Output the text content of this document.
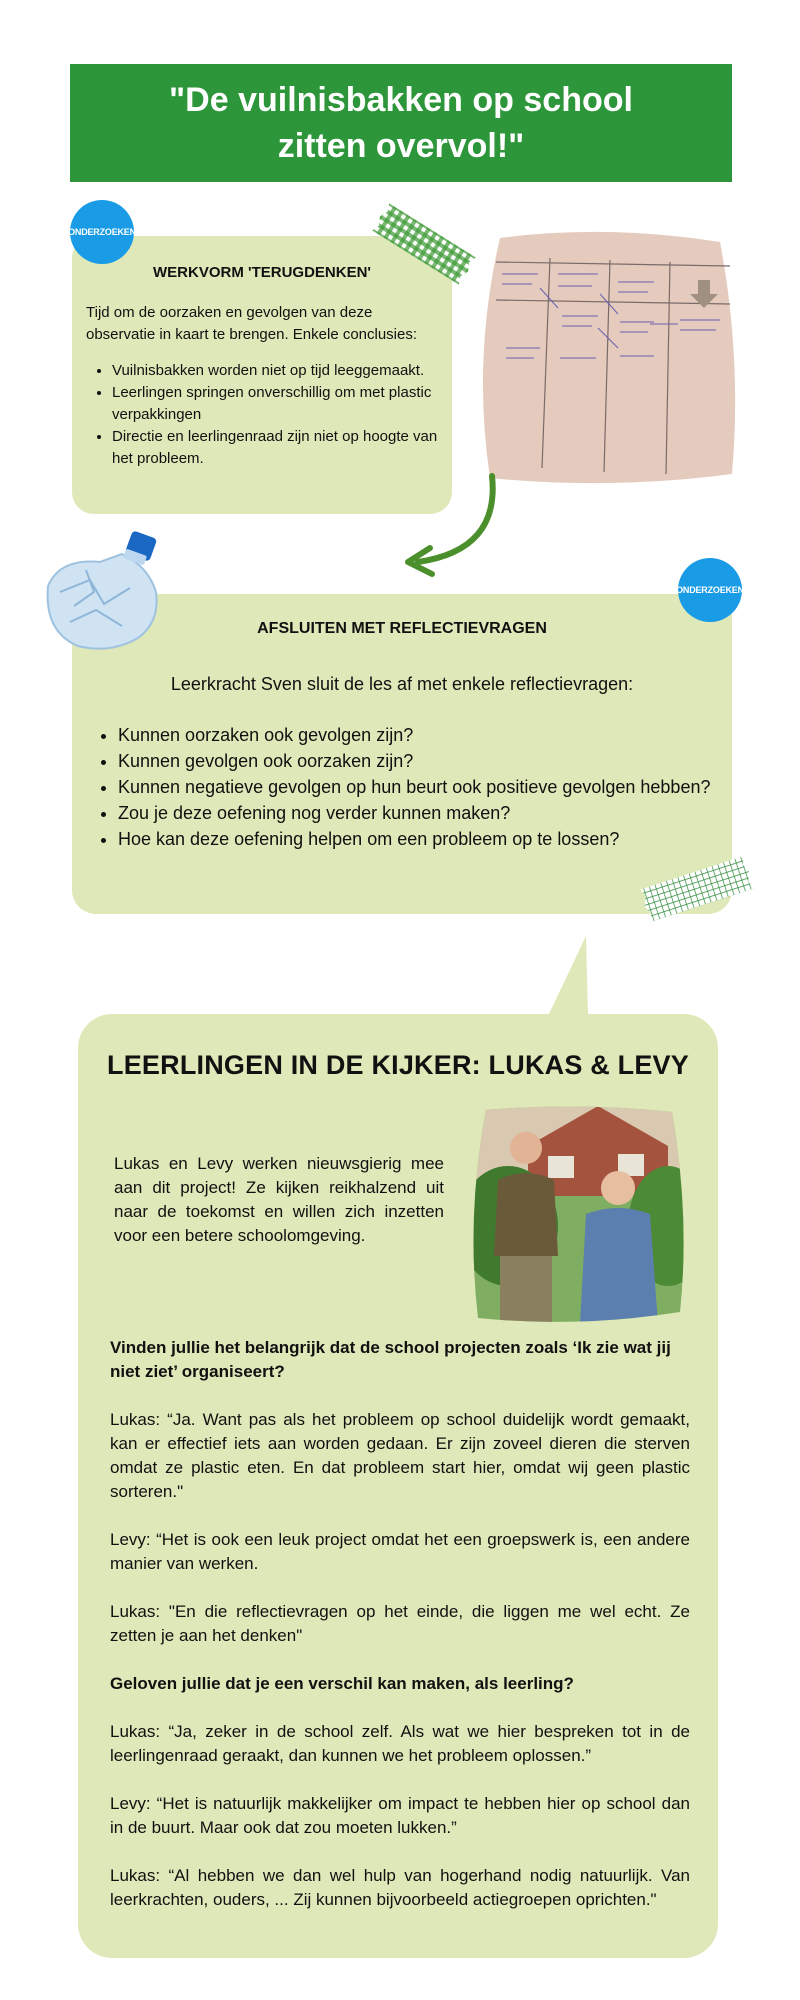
"De vuilnisbakken op school zitten overvol!"
WERKVORM 'TERUGDENKEN'

Tijd om de oorzaken en gevolgen van deze observatie in kaart te brengen. Enkele conclusies:

• Vuilnisbakken worden niet op tijd leeggemaakt.
• Leerlingen springen onverschillig om met plastic verpakkingen
• Directie en leerlingenraad zijn niet op hoogte van het probleem.
ONDERZOEKEN
AFSLUITEN MET REFLECTIEVRAGEN

Leerkracht Sven sluit de les af met enkele reflectievragen:

• Kunnen oorzaken ook gevolgen zijn?
• Kunnen gevolgen ook oorzaken zijn?
• Kunnen negatieve gevolgen op hun beurt ook positieve gevolgen hebben?
• Zou je deze oefening nog verder kunnen maken?
• Hoe kan deze oefening helpen om een probleem op te lossen?
ONDERZOEKEN
LEERLINGEN IN DE KIJKER: LUKAS & LEVY

Lukas en Levy werken nieuwsgierig mee aan dit project! Ze kijken reikhalzend uit naar de toekomst en willen zich inzetten voor een betere schoolomgeving.

Vinden jullie het belangrijk dat de school projecten zoals ‘Ik zie wat jij niet ziet’ organiseert?

Lukas: “Ja. Want pas als het probleem op school duidelijk wordt gemaakt, kan er effectief iets aan worden gedaan. Er zijn zoveel dieren die sterven omdat ze plastic eten. En dat probleem start hier, omdat wij geen plastic sorteren."

Levy: “Het is ook een leuk project omdat het een groepswerk is, een andere manier van werken.

Lukas: "En die reflectievragen op het einde, die liggen me wel echt. Ze zetten je aan het denken"

Geloven jullie dat je een verschil kan maken, als leerling?

Lukas: “Ja, zeker in de school zelf. Als wat we hier bespreken tot in de leerlingenraad geraakt, dan kunnen we het probleem oplossen.”

Levy: “Het is natuurlijk makkelijker om impact te hebben hier op school dan in de buurt. Maar ook dat zou moeten lukken.”

Lukas: “Al hebben we dan wel hulp van hogerhand nodig natuurlijk. Van leerkrachten, ouders, ... Zij kunnen bijvoorbeeld actiegroepen oprichten."
